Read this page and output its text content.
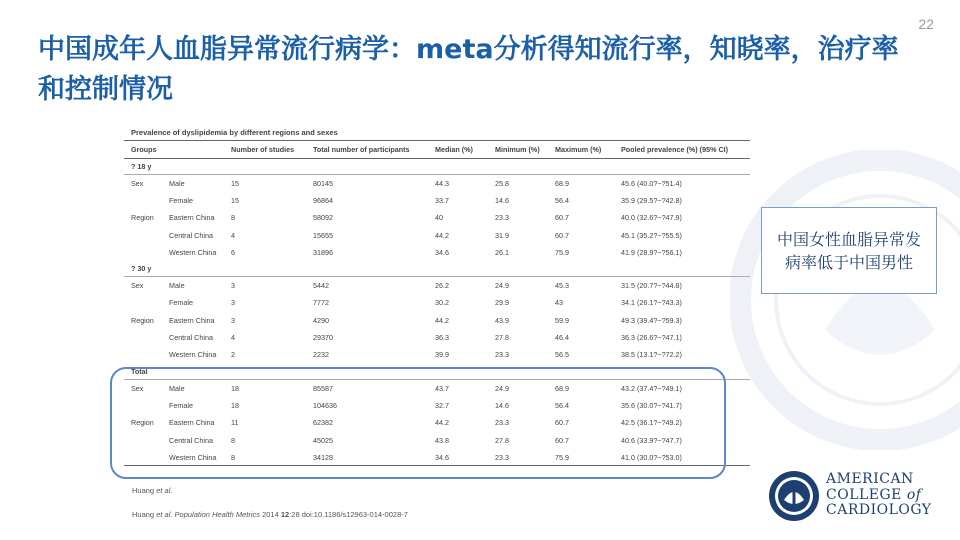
22
中国成年人血脂异常流行病学：meta分析得知流行率，知晓率，治疗率和控制情况
Prevalence of dyslipidemia by different regions and sexes
Groups		Number of studies	Total number of participants	Median (%)	Minimum (%)	Maximum (%)	Pooled prevalence (%) (95% CI)
? 18 y							
Sex	Male	15	80145	44.3	25.8	68.9	45.6 (40.0?~?51.4)
	Female	15	96864	33.7	14.6	56.4	35.9 (29.5?~?42.8)
Region	Eastern China	8	58092	40	23.3	60.7	40.0 (32.6?~?47.9)
	Central China	4	15655	44.2	31.9	60.7	45.1 (35.2?~?55.5)
	Western China	6	31896	34.6	26.1	75.9	41.9 (28.9?~?56.1)
? 30 y							
Sex	Male	3	5442	26.2	24.9	45.3	31.5 (20.7?~?44.8)
	Female	3	7772	30.2	29.9	43	34.1 (26.1?~?43.3)
Region	Eastern China	3	4290	44.2	43.9	59.9	49.3 (39.4?~?59.3)
	Central China	4	29370	36.3	27.8	46.4	36.3 (26.6?~?47.1)
	Western China	2	2232	39.9	23.3	56.5	38.5 (13.1?~?72.2)
Total							
Sex	Male	18	85587	43.7	24.9	68.9	43.2 (37.4?~?49.1)
	Female	18	104636	32.7	14.6	56.4	35.6 (30.0?~?41.7)
Region	Eastern China	11	62382	44.2	23.3	60.7	42.5 (36.1?~?49.2)
	Central China	8	45025	43.8	27.8	60.7	40.6 (33.9?~?47.7)
	Western China	8	34128	34.6	23.3	75.9	41.0 (30.0?~?53.0)
Huang et al.
Huang et al. Population Health Metrics 2014 12:28 doi:10.1186/s12963-014-0028-7
中国女性血脂异常发病率低于中国男性
AMERICAN
COLLEGE of
CARDIOLOGY
